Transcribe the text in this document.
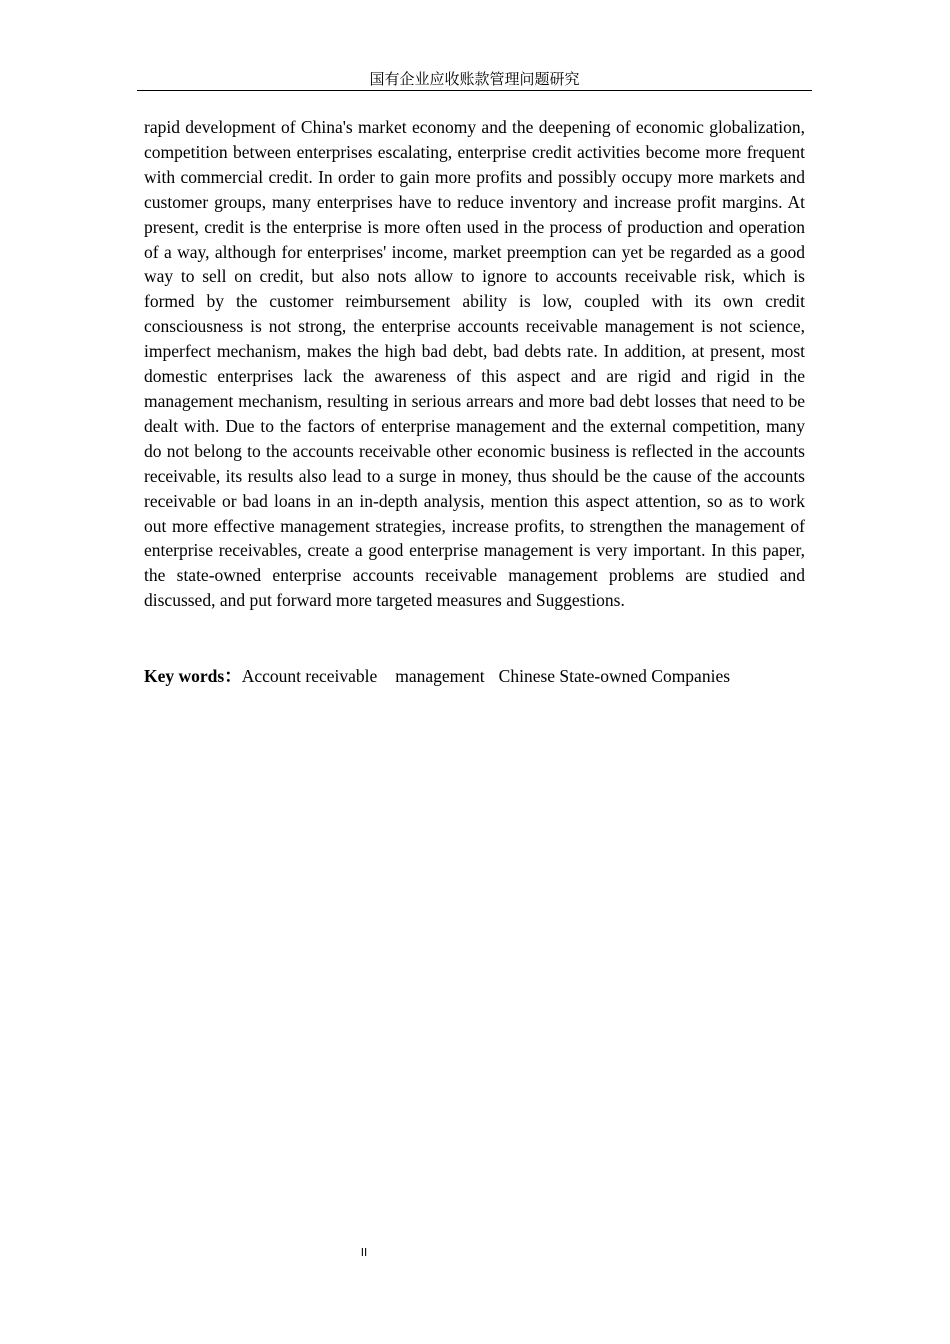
国有企业应收账款管理问题研究

rapid development of China's market economy and the deepening of economic globalization, competition between enterprises escalating, enterprise credit activities become more frequent with commercial credit. In order to gain more profits and possibly occupy more markets and customer groups, many enterprises have to reduce inventory and increase profit margins. At present, credit is the enterprise is more often used in the process of production and operation of a way, although for enterprises' income, market preemption can yet be regarded as a good way to sell on credit, but also nots allow to ignore to accounts receivable risk, which is formed by the customer reimbursement ability is low, coupled with its own credit consciousness is not strong, the enterprise accounts receivable management is not science, imperfect mechanism, makes the high bad debt, bad debts rate. In addition, at present, most domestic enterprises lack the awareness of this aspect and are rigid and rigid in the management mechanism, resulting in serious arrears and more bad debt losses that need to be dealt with. Due to the factors of enterprise management and the external competition, many do not belong to the accounts receivable other economic business is reflected in the accounts receivable, its results also lead to a surge in money, thus should be the cause of the accounts receivable or bad loans in an in-depth analysis, mention this aspect attention, so as to work out more effective management strategies, increase profits, to strengthen the management of enterprise receivables, create a good enterprise management is very important. In this paper, the state-owned enterprise accounts receivable management problems are studied and discussed, and put forward more targeted measures and Suggestions.

Key words：Account receivable management Chinese State-owned Companies

II
